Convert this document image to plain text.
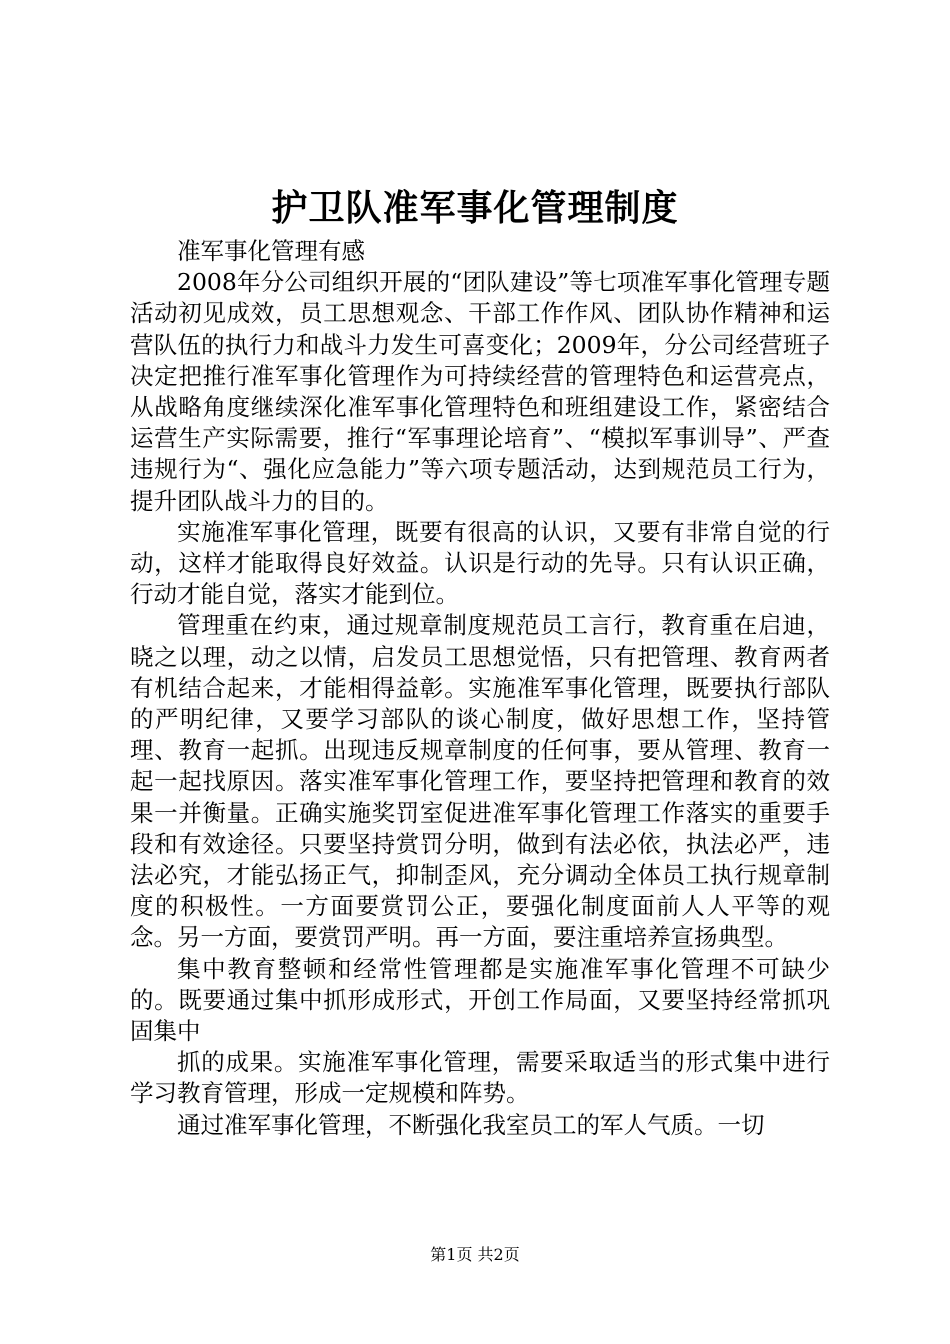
护卫队准军事化管理制度

准军事化管理有感

2008年分公司组织开展的“团队建设”等七项准军事化管理专题活动初见成效，员工思想观念、干部工作作风、团队协作精神和运营队伍的执行力和战斗力发生可喜变化；2009年，分公司经营班子决定把推行准军事化管理作为可持续经营的管理特色和运营亮点，从战略角度继续深化准军事化管理特色和班组建设工作，紧密结合运营生产实际需要，推行“军事理论培育”、“模拟军事训导”、严查违规行为“、强化应急能力”等六项专题活动，达到规范员工行为，提升团队战斗力的目的。

实施准军事化管理，既要有很高的认识，又要有非常自觉的行动，这样才能取得良好效益。认识是行动的先导。只有认识正确，行动才能自觉，落实才能到位。

管理重在约束，通过规章制度规范员工言行，教育重在启迪，晓之以理，动之以情，启发员工思想觉悟，只有把管理、教育两者有机结合起来，才能相得益彰。实施准军事化管理，既要执行部队的严明纪律，又要学习部队的谈心制度，做好思想工作，坚持管理、教育一起抓。出现违反规章制度的任何事，要从管理、教育一起一起找原因。落实准军事化管理工作，要坚持把管理和教育的效果一并衡量。正确实施奖罚室促进准军事化管理工作落实的重要手段和有效途径。只要坚持赏罚分明，做到有法必依，执法必严，违法必究，才能弘扬正气，抑制歪风，充分调动全体员工执行规章制度的积极性。一方面要赏罚公正，要强化制度面前人人平等的观念。另一方面，要赏罚严明。再一方面，要注重培养宣扬典型。

集中教育整顿和经常性管理都是实施准军事化管理不可缺少的。既要通过集中抓形成形式，开创工作局面，又要坚持经常抓巩固集中

抓的成果。实施准军事化管理，需要采取适当的形式集中进行学习教育管理，形成一定规模和阵势。

通过准军事化管理，不断强化我室员工的军人气质。一切

第1页 共2页
